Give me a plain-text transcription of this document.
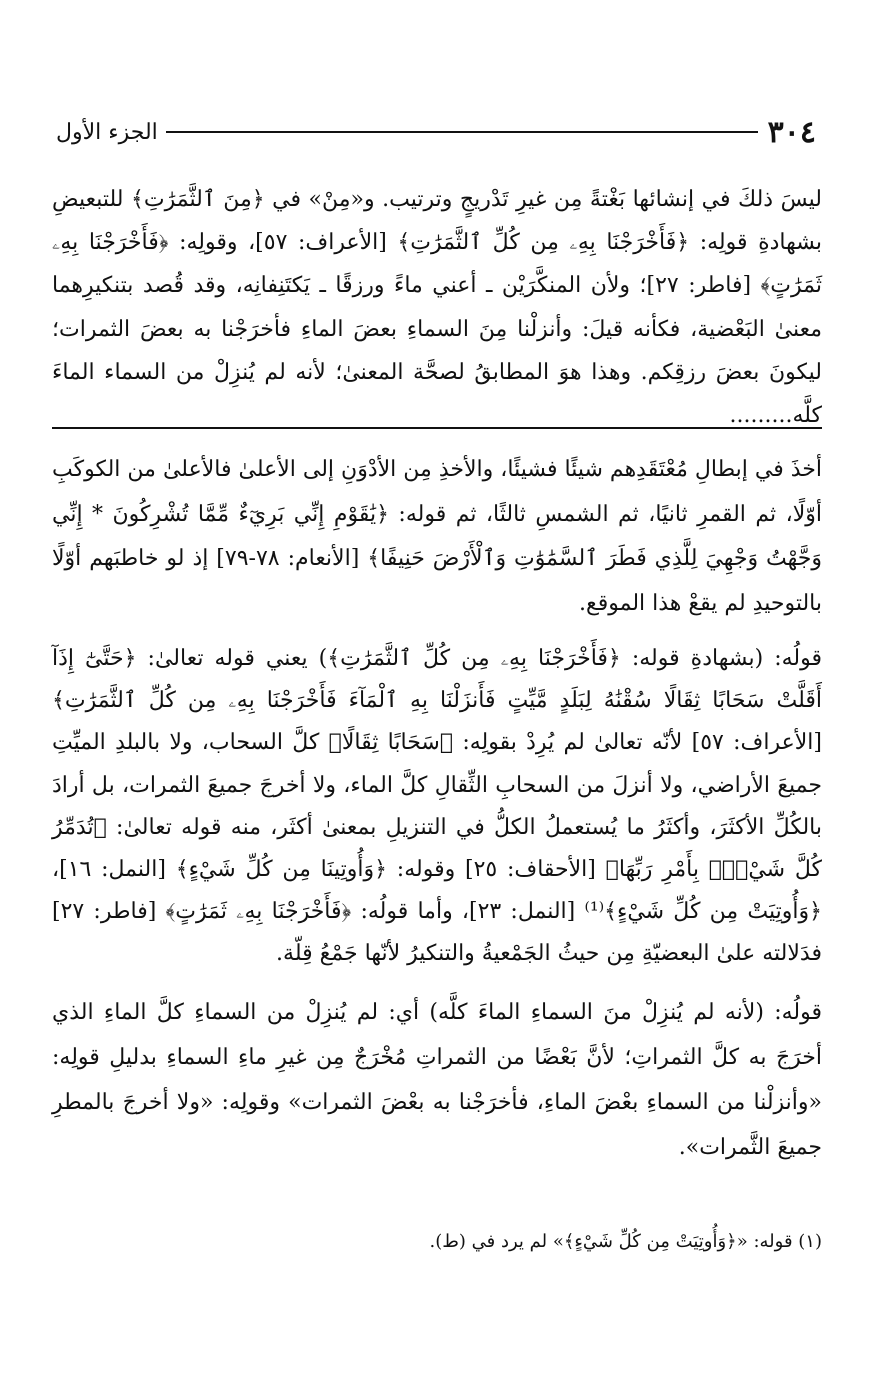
٣٠٤
الجزء الأول

ليسَ ذلكَ في إنشائها بَغْتةً مِن غيرِ تَدْريجٍ وترتيب. و«مِنْ» في ﴿مِنَ ٱلثَّمَرَٰتِ﴾ للتبعيضِ بشهادةِ قولِه: ﴿فَأَخْرَجْنَا بِهِۦ مِن كُلِّ ٱلثَّمَرَٰتِ﴾ [الأعراف: ٥٧]، وقولِه: ﴿فَأَخْرَجْنَا بِهِۦ ثَمَرَٰتٍ﴾ [فاطر: ٢٧]؛ ولأن المنكَّرَيْن ـ أعني ماءً ورزقًا ـ يَكتَنِفانِه، وقد قُصد بتنكيرِهما معنىٰ البَعْضية، فكأنه قيلَ: وأنزلْنا مِنَ السماءِ بعضَ الماءِ فأخرَجْنا به بعضَ الثمرات؛ ليكونَ بعضَ رزقِكم. وهذا هوَ المطابقُ لصحَّة المعنىٰ؛ لأنه لم يُنزِلْ من السماء الماءَ كلَّه.........

أخذَ في إبطالِ مُعْتَقَدِهم شيئًا فشيئًا، والأخذِ مِن الأدْوَنِ إلى الأعلىٰ فالأعلىٰ من الكوكَبِ أوّلًا، ثم القمرِ ثانيًا، ثم الشمسِ ثالثًا، ثم قوله: ﴿يَٰقَوْمِ إِنِّي بَرِيٓءٌ مِّمَّا تُشْرِكُونَ * إِنِّي وَجَّهْتُ وَجْهِيَ لِلَّذِي فَطَرَ ٱلسَّمَٰوَٰتِ وَٱلْأَرْضَ حَنِيفًا﴾ [الأنعام: ٧٨-٧٩] إذ لو خاطبَهم أوّلًا بالتوحيدِ لم يقعْ هذا الموقع.

قولُه: (بشهادةِ قوله: ﴿فَأَخْرَجْنَا بِهِۦ مِن كُلِّ ٱلثَّمَرَٰتِ﴾) يعني قوله تعالىٰ: ﴿حَتَّىٰٓ إِذَآ أَقَلَّتْ سَحَابًا ثِقَالًا سُقْنَٰهُ لِبَلَدٍ مَّيِّتٍ فَأَنزَلْنَا بِهِ ٱلْمَآءَ فَأَخْرَجْنَا بِهِۦ مِن كُلِّ ٱلثَّمَرَٰتِ﴾ [الأعراف: ٥٧] لأنّه تعالىٰ لم يُرِدْ بقولِه: ﴿سَحَابًا ثِقَالًا﴾ كلَّ السحاب، ولا بالبلدِ الميِّتِ جميعَ الأراضي، ولا أنزلَ من السحابِ الثِّقالِ كلَّ الماء، ولا أخرجَ جميعَ الثمرات، بل أرادَ بالكُلِّ الأكثَرَ، وأكثَرُ ما يُستعملُ الكلُّ في التنزيلِ بمعنىٰ أكثَر، منه قوله تعالىٰ: ﴿تُدَمِّرُ كُلَّ شَيْءٍۭ بِأَمْرِ رَبِّهَا﴾ [الأحقاف: ٢٥] وقوله: ﴿وَأُوتِينَا مِن كُلِّ شَيْءٍ﴾ [النمل: ١٦]، ﴿وَأُوتِيَتْ مِن كُلِّ شَيْءٍ﴾⁽¹⁾ [النمل: ٢٣]، وأما قولُه: ﴿فَأَخْرَجْنَا بِهِۦ ثَمَرَٰتٍ﴾ [فاطر: ٢٧] فدَلالته علىٰ البعضيّةِ مِن حيثُ الجَمْعيةُ والتنكيرُ لأنّها جَمْعُ قِلّة.

قولُه: (لأنه لم يُنزِلْ منَ السماءِ الماءَ كلَّه) أي: لم يُنزِلْ من السماءِ كلَّ الماءِ الذي أخرَجَ به كلَّ الثمراتِ؛ لأنَّ بَعْضًا من الثمراتِ مُخْرَجٌ مِن غيرِ ماءِ السماءِ بدليلِ قولِه: «وأنزلْنا من السماءِ بعْضَ الماءِ، فأخرَجْنا به بعْضَ الثمرات» وقولِه: «ولا أخرجَ بالمطرِ جميعَ الثَّمرات».

(١) قوله: «﴿وَأُوتِيَتْ مِن كُلِّ شَيْءٍ﴾» لم يرد في (ط).
